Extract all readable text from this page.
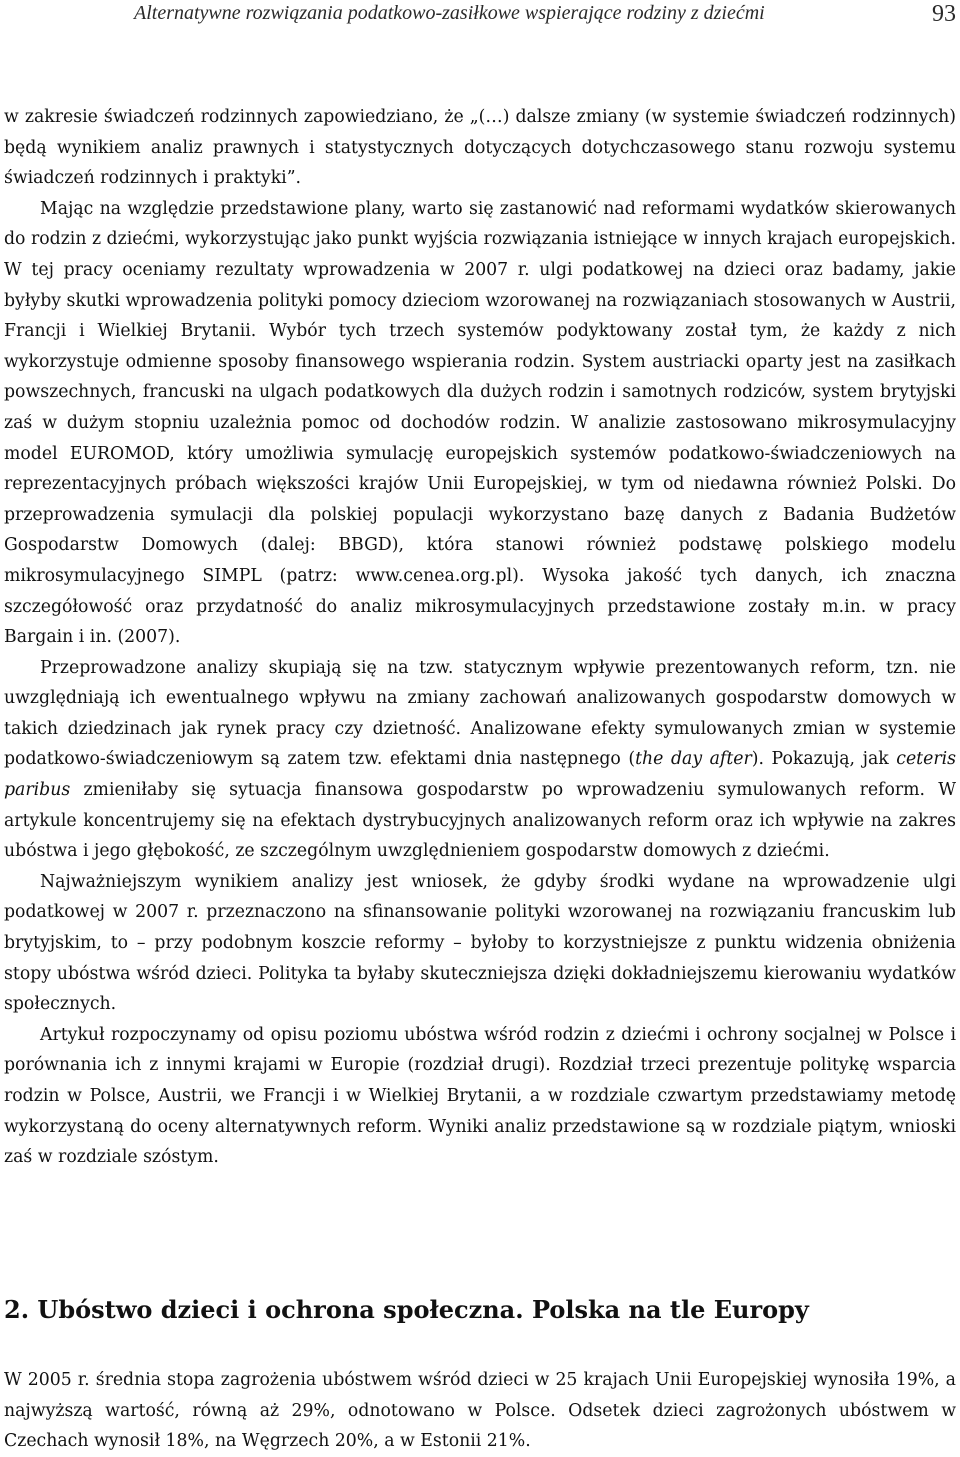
Alternatywne rozwiązania podatkowo-zasiłkowe wspierające rodziny z dziećmi	93

w zakresie świadczeń rodzinnych zapowiedziano, że „(…) dalsze zmiany (w systemie świadczeń rodzinnych) będą wynikiem analiz prawnych i statystycznych dotyczących dotychczasowego stanu rozwoju systemu świadczeń rodzinnych i praktyki”.

Mając na względzie przedstawione plany, warto się zastanowić nad reformami wydatków skierowanych do rodzin z dziećmi, wykorzystując jako punkt wyjścia rozwiązania istniejące w innych krajach europejskich. W tej pracy oceniamy rezultaty wprowadzenia w 2007 r. ulgi podatkowej na dzieci oraz badamy, jakie byłyby skutki wprowadzenia polityki pomocy dzieciom wzorowanej na rozwiązaniach stosowanych w Austrii, Francji i Wielkiej Brytanii. Wybór tych trzech systemów podyktowany został tym, że każdy z nich wykorzystuje odmienne sposoby finansowego wspierania rodzin. System austriacki oparty jest na zasiłkach powszechnych, francuski na ulgach podatkowych dla dużych rodzin i samotnych rodziców, system brytyjski zaś w dużym stopniu uzależnia pomoc od dochodów rodzin. W analizie zastosowano mikrosymulacyjny model EUROMOD, który umożliwia symulację europejskich systemów podatkowo-świadczeniowych na reprezentacyjnych próbach większości krajów Unii Europejskiej, w tym od niedawna również Polski. Do przeprowadzenia symulacji dla polskiej populacji wykorzystano bazę danych z Badania Budżetów Gospodarstw Domowych (dalej: BBGD), która stanowi również podstawę polskiego modelu mikrosymulacyjnego SIMPL (patrz: www.cenea.org.pl). Wysoka jakość tych danych, ich znaczna szczegółowość oraz przydatność do analiz mikrosymulacyjnych przedstawione zostały m.in. w pracy Bargain i in. (2007).

Przeprowadzone analizy skupiają się na tzw. statycznym wpływie prezentowanych reform, tzn. nie uwzględniają ich ewentualnego wpływu na zmiany zachowań analizowanych gospodarstw domowych w takich dziedzinach jak rynek pracy czy dzietność. Analizowane efekty symulowanych zmian w systemie podatkowo-świadczeniowym są zatem tzw. efektami dnia następnego (the day after). Pokazują, jak ceteris paribus zmieniłaby się sytuacja finansowa gospodarstw po wprowadzeniu symulowanych reform. W artykule koncentrujemy się na efektach dystrybucyjnych analizowanych reform oraz ich wpływie na zakres ubóstwa i jego głębokość, ze szczególnym uwzględnieniem gospodarstw domowych z dziećmi.

Najważniejszym wynikiem analizy jest wniosek, że gdyby środki wydane na wprowadzenie ulgi podatkowej w 2007 r. przeznaczono na sfinansowanie polityki wzorowanej na rozwiązaniu francuskim lub brytyjskim, to – przy podobnym koszcie reformy – byłoby to korzystniejsze z punktu widzenia obniżenia stopy ubóstwa wśród dzieci. Polityka ta byłaby skuteczniejsza dzięki dokładniejszemu kierowaniu wydatków społecznych.

Artykuł rozpoczynamy od opisu poziomu ubóstwa wśród rodzin z dziećmi i ochrony socjalnej w Polsce i porównania ich z innymi krajami w Europie (rozdział drugi). Rozdział trzeci prezentuje politykę wsparcia rodzin w Polsce, Austrii, we Francji i w Wielkiej Brytanii, a w rozdziale czwartym przedstawiamy metodę wykorzystaną do oceny alternatywnych reform. Wyniki analiz przedstawione są w rozdziale piątym, wnioski zaś w rozdziale szóstym.

2. Ubóstwo dzieci i ochrona społeczna. Polska na tle Europy

W 2005 r. średnia stopa zagrożenia ubóstwem wśród dzieci w 25 krajach Unii Europejskiej wynosiła 19%, a najwyższą wartość, równą aż 29%, odnotowano w Polsce. Odsetek dzieci zagrożonych ubóstwem w Czechach wynosił 18%, na Węgrzech 20%, a w Estonii 21%.
